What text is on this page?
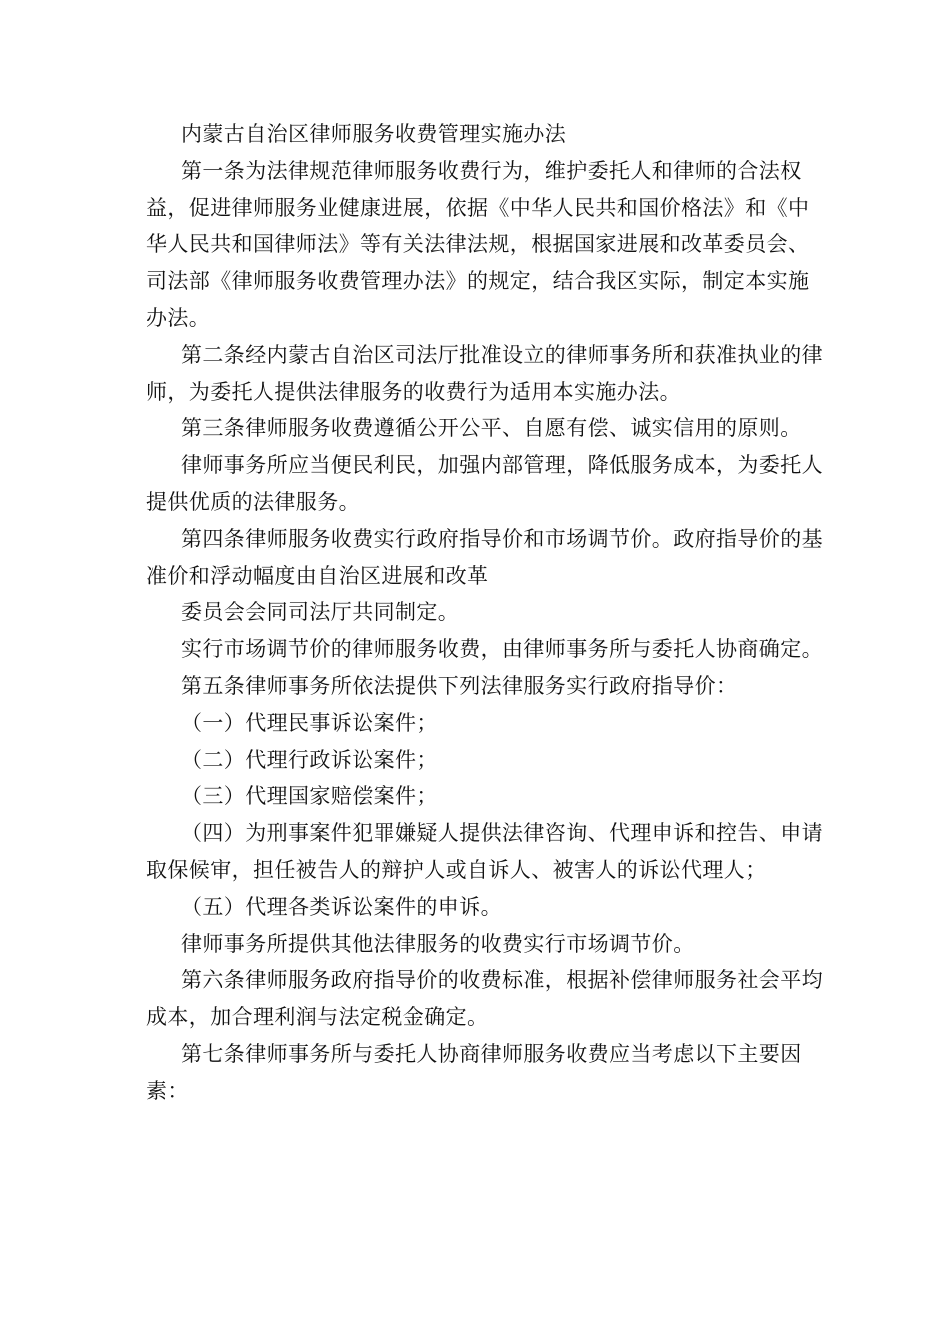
内蒙古自治区律师服务收费管理实施办法

第一条为法律规范律师服务收费行为，维护委托人和律师的合法权益，促进律师服务业健康进展，依据《中华人民共和国价格法》和《中华人民共和国律师法》等有关法律法规，根据国家进展和改革委员会、司法部《律师服务收费管理办法》的规定，结合我区实际，制定本实施办法。

第二条经内蒙古自治区司法厅批准设立的律师事务所和获准执业的律师，为委托人提供法律服务的收费行为适用本实施办法。

第三条律师服务收费遵循公开公平、自愿有偿、诚实信用的原则。

律师事务所应当便民利民，加强内部管理，降低服务成本，为委托人提供优质的法律服务。

第四条律师服务收费实行政府指导价和市场调节价。政府指导价的基准价和浮动幅度由自治区进展和改革

委员会会同司法厅共同制定。

实行市场调节价的律师服务收费，由律师事务所与委托人协商确定。

第五条律师事务所依法提供下列法律服务实行政府指导价：

（一）代理民事诉讼案件；

（二）代理行政诉讼案件；

（三）代理国家赔偿案件；

（四）为刑事案件犯罪嫌疑人提供法律咨询、代理申诉和控告、申请取保候审，担任被告人的辩护人或自诉人、被害人的诉讼代理人；

（五）代理各类诉讼案件的申诉。

律师事务所提供其他法律服务的收费实行市场调节价。

第六条律师服务政府指导价的收费标准，根据补偿律师服务社会平均成本，加合理利润与法定税金确定。

第七条律师事务所与委托人协商律师服务收费应当考虑以下主要因素：
